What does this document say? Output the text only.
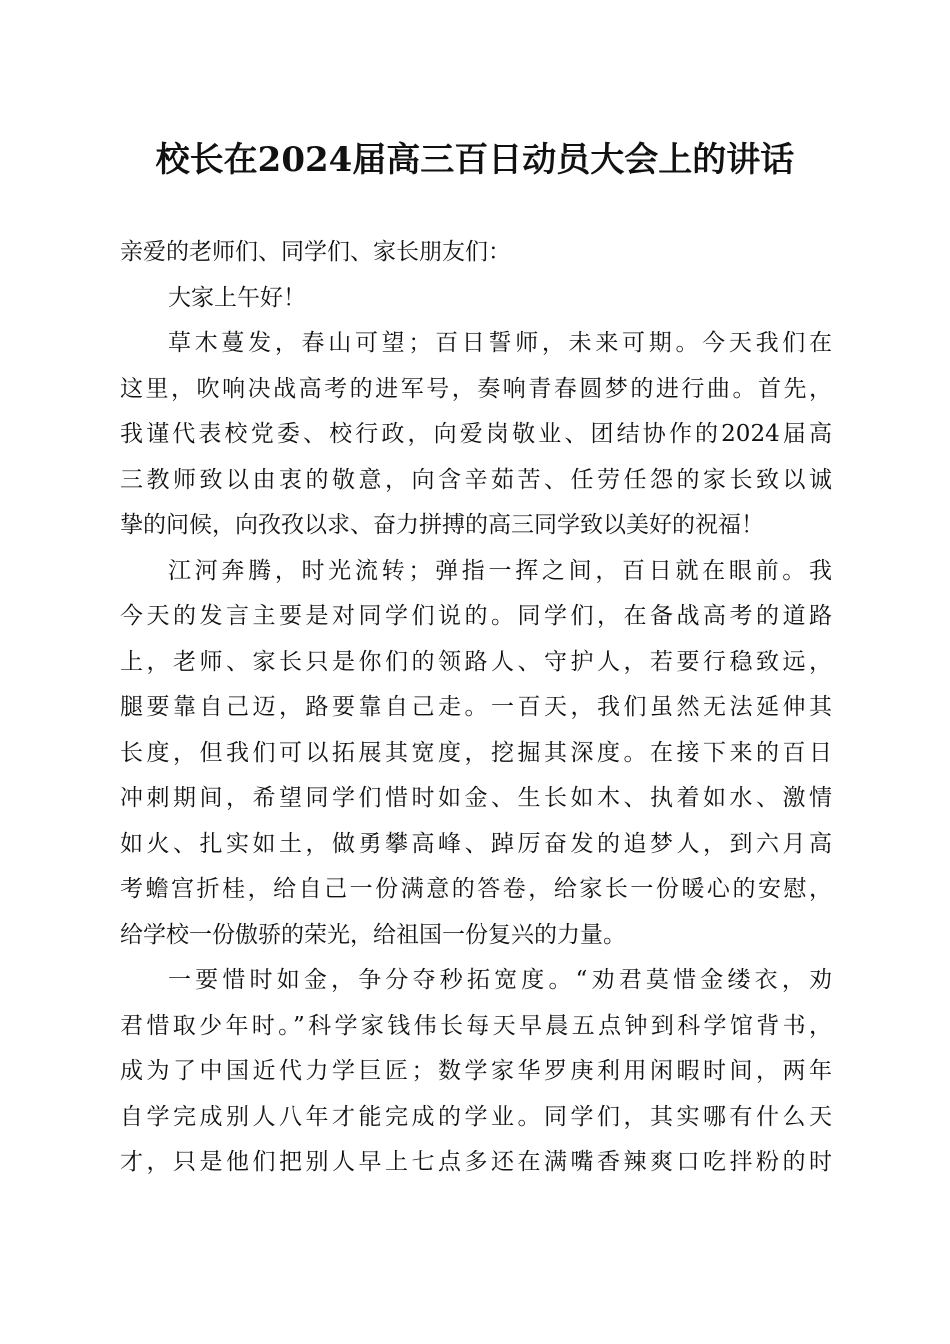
校长在2024届高三百日动员大会上的讲话
亲爱的老师们、同学们、家长朋友们：
大家上午好！
草木蔓发，春山可望；百日誓师，未来可期。今天我们在
这里，吹响决战高考的进军号，奏响青春圆梦的进行曲。首先，
我谨代表校党委、校行政，向爱岗敬业、团结协作的2024届高
三教师致以由衷的敬意，向含辛茹苦、任劳任怨的家长致以诚
挚的问候，向孜孜以求、奋力拼搏的高三同学致以美好的祝福！
江河奔腾，时光流转；弹指一挥之间，百日就在眼前。我
今天的发言主要是对同学们说的。同学们，在备战高考的道路
上，老师、家长只是你们的领路人、守护人，若要行稳致远，
腿要靠自己迈，路要靠自己走。一百天，我们虽然无法延伸其
长度，但我们可以拓展其宽度，挖掘其深度。在接下来的百日
冲刺期间，希望同学们惜时如金、生长如木、执着如水、激情
如火、扎实如土，做勇攀高峰、踔厉奋发的追梦人，到六月高
考蟾宫折桂，给自己一份满意的答卷，给家长一份暖心的安慰，
给学校一份傲骄的荣光，给祖国一份复兴的力量。
一要惜时如金，争分夺秒拓宽度。“劝君莫惜金缕衣，劝
君惜取少年时。”科学家钱伟长每天早晨五点钟到科学馆背书，
成为了中国近代力学巨匠；数学家华罗庚利用闲暇时间，两年
自学完成别人八年才能完成的学业。同学们，其实哪有什么天
才，只是他们把别人早上七点多还在满嘴香辣爽口吃拌粉的时
